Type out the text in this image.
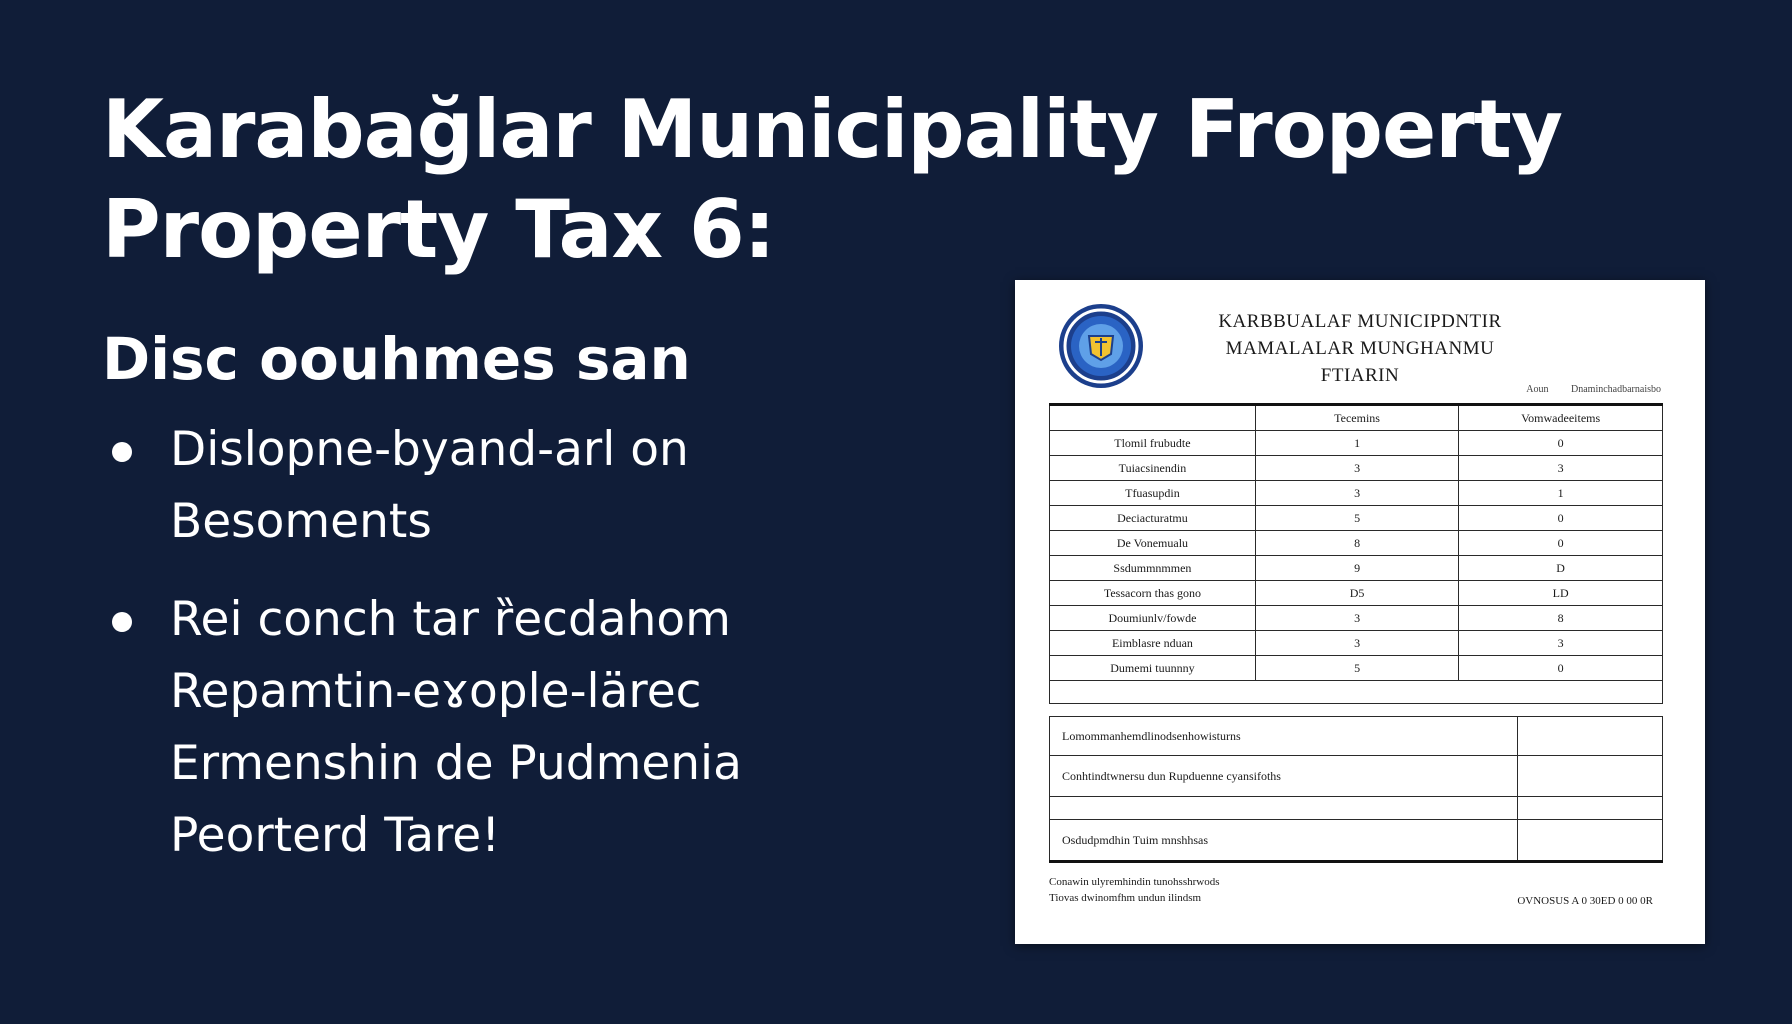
Karabağlar Municipality Froperty
Property Tax 6:
Disc oouhmes san
Dislopne-byand-arl on
Besoments
Rei conch tar ȑecdahom
Repamtin-eɤople-lärec
Ermenshin de Pudmenia
Peorterd Tare!
KARBBUALAF MUNICIPDNTIR
MAMALALAR MUNGHANMU
FTIARIN
Aoun Dnaminchadbarnaisbo
	Tecemins	Vomwadeeitems
Tlomil frubudte	1	0
Tuiacsinendin	3	3
Tfuasupdin	3	1
Deciacturatmu	5	0
De Vonemualu	8	0
Ssdummnmmen	9	D
Tessacorn thas gono	D5	LD
Doumiunlv/fowde	3	8
Eimblasre nduan	3	3
Dumemi tuunnny	5	0

Lomommanhemdlinodsenhowisturns	
Conhtindtwnersu dun Rupduenne cyansifoths	

Osdudpmdhin Tuim mnshhsas	
Conawin ulyremhindin tunohsshrwods
Tiovas dwinomfhm undun ilindsm	OVNOSUS A 0 30ED 0 00 0R
